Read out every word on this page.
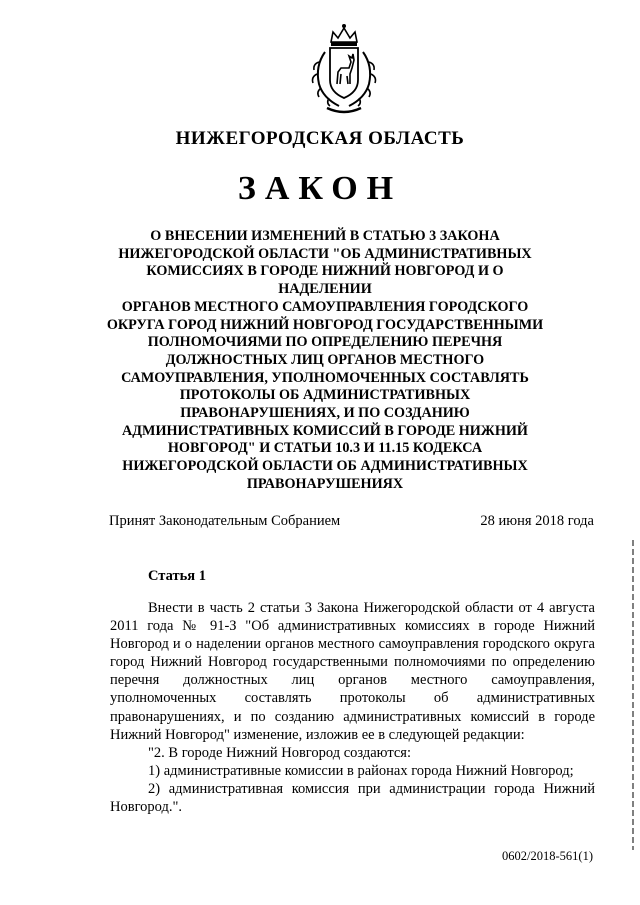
НИЖЕГОРОДСКАЯ ОБЛАСТЬ
ЗАКОН
О ВНЕСЕНИИ ИЗМЕНЕНИЙ В СТАТЬЮ 3 ЗАКОНА
НИЖЕГОРОДСКОЙ ОБЛАСТИ "ОБ АДМИНИСТРАТИВНЫХ
КОМИССИЯХ В ГОРОДЕ НИЖНИЙ НОВГОРОД И О НАДЕЛЕНИИ
ОРГАНОВ МЕСТНОГО САМОУПРАВЛЕНИЯ ГОРОДСКОГО
ОКРУГА ГОРОД НИЖНИЙ НОВГОРОД ГОСУДАРСТВЕННЫМИ
ПОЛНОМОЧИЯМИ ПО ОПРЕДЕЛЕНИЮ ПЕРЕЧНЯ
ДОЛЖНОСТНЫХ ЛИЦ ОРГАНОВ МЕСТНОГО
САМОУПРАВЛЕНИЯ, УПОЛНОМОЧЕННЫХ СОСТАВЛЯТЬ
ПРОТОКОЛЫ ОБ АДМИНИСТРАТИВНЫХ
ПРАВОНАРУШЕНИЯХ, И ПО СОЗДАНИЮ
АДМИНИСТРАТИВНЫХ КОМИССИЙ В ГОРОДЕ НИЖНИЙ
НОВГОРОД" И СТАТЬИ 10.3 И 11.15 КОДЕКСА
НИЖЕГОРОДСКОЙ ОБЛАСТИ ОБ АДМИНИСТРАТИВНЫХ
ПРАВОНАРУШЕНИЯХ
Принят Законодательным Собранием	28 июня 2018 года
Статья 1

Внести в часть 2 статьи 3 Закона Нижегородской области от 4 августа 2011 года № 91-З "Об административных комиссиях в городе Нижний Новгород и о наделении органов местного самоуправления городского округа город Нижний Новгород государственными полномочиями по определению перечня должностных лиц органов местного самоуправления, уполномоченных составлять протоколы об административных правонарушениях, и по созданию административных комиссий в городе Нижний Новгород" изменение, изложив ее в следующей редакции:

"2. В городе Нижний Новгород создаются:

1) административные комиссии в районах города Нижний Новгород;

2) административная комиссия при администрации города Нижний Новгород.".

0602/2018-561(1)
